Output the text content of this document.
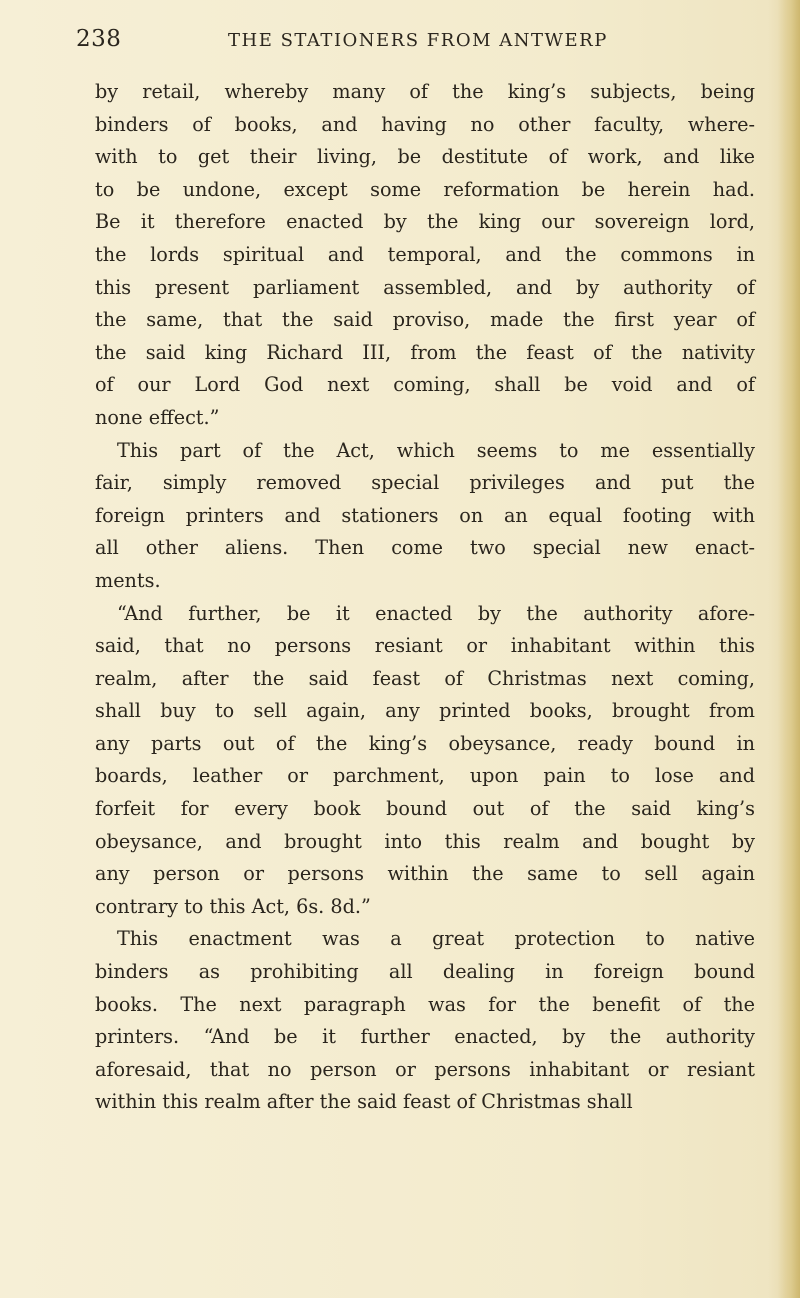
238	THE STATIONERS FROM ANTWERP
by retail, whereby many of the king’s subjects, being
binders of books, and having no other faculty, where-
with to get their living, be destitute of work, and like
to be undone, except some reformation be herein had.
Be it therefore enacted by the king our sovereign lord,
the lords spiritual and temporal, and the commons in
this present parliament assembled, and by authority of
the same, that the said proviso, made the first year of
the said king Richard III, from the feast of the nativity
of our Lord God next coming, shall be void and of
none effect.”
This part of the Act, which seems to me essentially
fair, simply removed special privileges and put the
foreign printers and stationers on an equal footing with
all other aliens. Then come two special new enact-
ments.
“And further, be it enacted by the authority afore-
said, that no persons resiant or inhabitant within this
realm, after the said feast of Christmas next coming,
shall buy to sell again, any printed books, brought from
any parts out of the king’s obeysance, ready bound in
boards, leather or parchment, upon pain to lose and
forfeit for every book bound out of the said king’s
obeysance, and brought into this realm and bought by
any person or persons within the same to sell again
contrary to this Act, 6s. 8d.”
This enactment was a great protection to native
binders as prohibiting all dealing in foreign bound
books. The next paragraph was for the benefit of the
printers. “And be it further enacted, by the authority
aforesaid, that no person or persons inhabitant or resiant
within this realm after the said feast of Christmas shall
